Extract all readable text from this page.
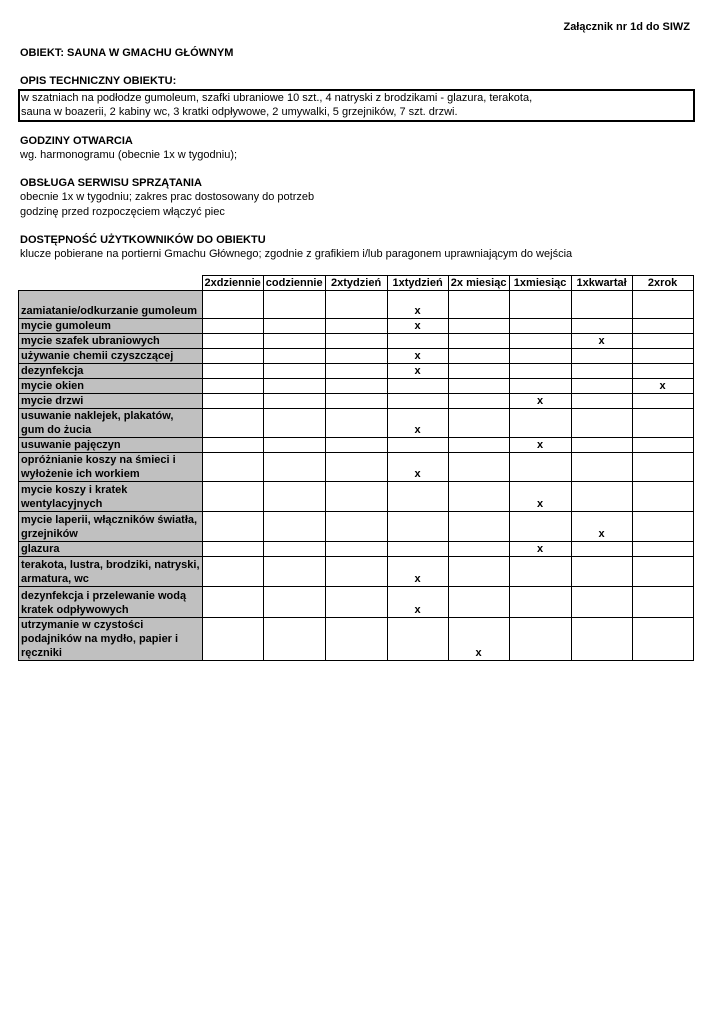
Załącznik nr 1d do SIWZ
OBIEKT: SAUNA W GMACHU GŁÓWNYM
OPIS TECHNICZNY OBIEKTU:
w szatniach na podłodze gumoleum, szafki ubraniowe 10 szt., 4 natryski z brodzikami - glazura, terakota,
sauna w boazerii, 2 kabiny wc, 3 kratki odpływowe, 2 umywalki, 5 grzejników, 7 szt. drzwi.
GODZINY OTWARCIA
wg. harmonogramu (obecnie 1x w tygodniu);
OBSŁUGA SERWISU SPRZĄTANIA
obecnie 1x w tygodniu; zakres prac dostosowany do potrzeb
godzinę przed rozpoczęciem włączyć piec
DOSTĘPNOŚĆ UŻYTKOWNIKÓW DO OBIEKTU
klucze pobierane na portierni Gmachu Głównego; zgodnie z grafikiem i/lub paragonem uprawniającym do wejścia
	2xdziennie	codziennie	2xtydzień	1xtydzień	2x miesiąc	1xmiesiąc	1xkwartał	2xrok

zamiatanie/odkurzanie gumoleum				x				

mycie gumoleum				x				

mycie szafek ubraniowych							x	

używanie chemii czyszczącej				x				

dezynfekcja				x				

mycie okien								x

mycie drzwi						x		

usuwanie naklejek, plakatów,
gum do żucia				x				

usuwanie pajęczyn						x		

opróżnianie koszy na śmieci i
wyłożenie ich workiem				x				

mycie koszy i kratek
wentylacyjnych						x		

mycie laperii, włączników światła,
grzejników							x	

glazura						x		

terakota, lustra, brodziki, natryski,
armatura, wc				x				

dezynfekcja i przelewanie wodą
kratek odpływowych				x				

utrzymanie w czystości
podajników na mydło, papier i
ręczniki					x			
